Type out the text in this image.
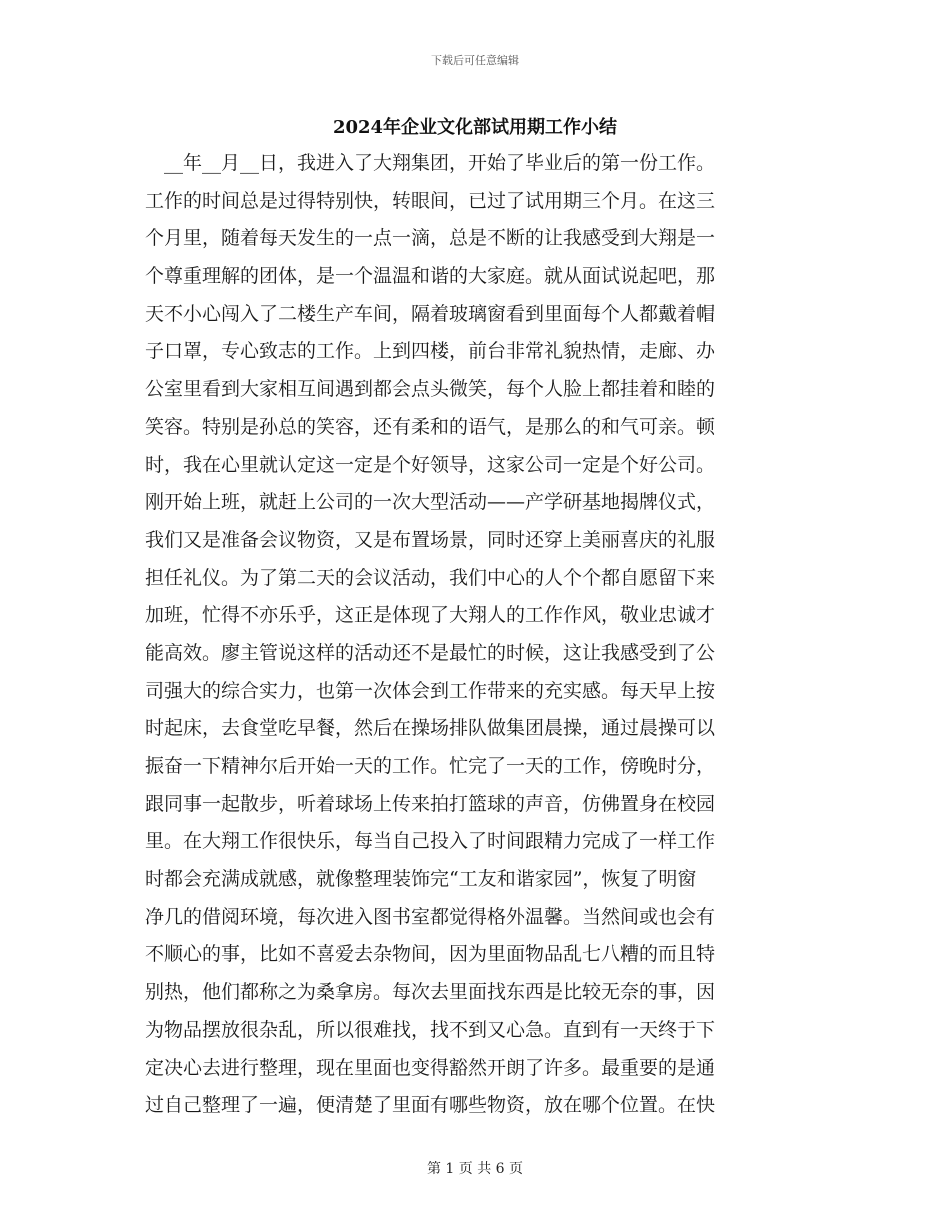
下载后可任意编辑
2024年企业文化部试用期工作小结
　__年__月__日，我进入了大翔集团，开始了毕业后的第一份工作。
工作的时间总是过得特别快，转眼间，已过了试用期三个月。在这三
个月里，随着每天发生的一点一滴，总是不断的让我感受到大翔是一
个尊重理解的团体，是一个温温和谐的大家庭。就从面试说起吧，那
天不小心闯入了二楼生产车间，隔着玻璃窗看到里面每个人都戴着帽
子口罩，专心致志的工作。上到四楼，前台非常礼貌热情，走廊、办
公室里看到大家相互间遇到都会点头微笑，每个人脸上都挂着和睦的
笑容。特别是孙总的笑容，还有柔和的语气，是那么的和气可亲。顿
时，我在心里就认定这一定是个好领导，这家公司一定是个好公司。
刚开始上班，就赶上公司的一次大型活动——产学研基地揭牌仪式，
我们又是准备会议物资，又是布置场景，同时还穿上美丽喜庆的礼服
担任礼仪。为了第二天的会议活动，我们中心的人个个都自愿留下来
加班，忙得不亦乐乎，这正是体现了大翔人的工作作风，敬业忠诚才
能高效。廖主管说这样的活动还不是最忙的时候，这让我感受到了公
司强大的综合实力，也第一次体会到工作带来的充实感。每天早上按
时起床，去食堂吃早餐，然后在操场排队做集团晨操，通过晨操可以
振奋一下精神尔后开始一天的工作。忙完了一天的工作，傍晚时分，
跟同事一起散步，听着球场上传来拍打篮球的声音，仿佛置身在校园
里。在大翔工作很快乐，每当自己投入了时间跟精力完成了一样工作
时都会充满成就感，就像整理装饰完“工友和谐家园”，恢复了明窗
净几的借阅环境，每次进入图书室都觉得格外温馨。当然间或也会有
不顺心的事，比如不喜爱去杂物间，因为里面物品乱七八糟的而且特
别热，他们都称之为桑拿房。每次去里面找东西是比较无奈的事，因
为物品摆放很杂乱，所以很难找，找不到又心急。直到有一天终于下
定决心去进行整理，现在里面也变得豁然开朗了许多。最重要的是通
过自己整理了一遍，便清楚了里面有哪些物资，放在哪个位置。在快
第 1 页 共 6 页
